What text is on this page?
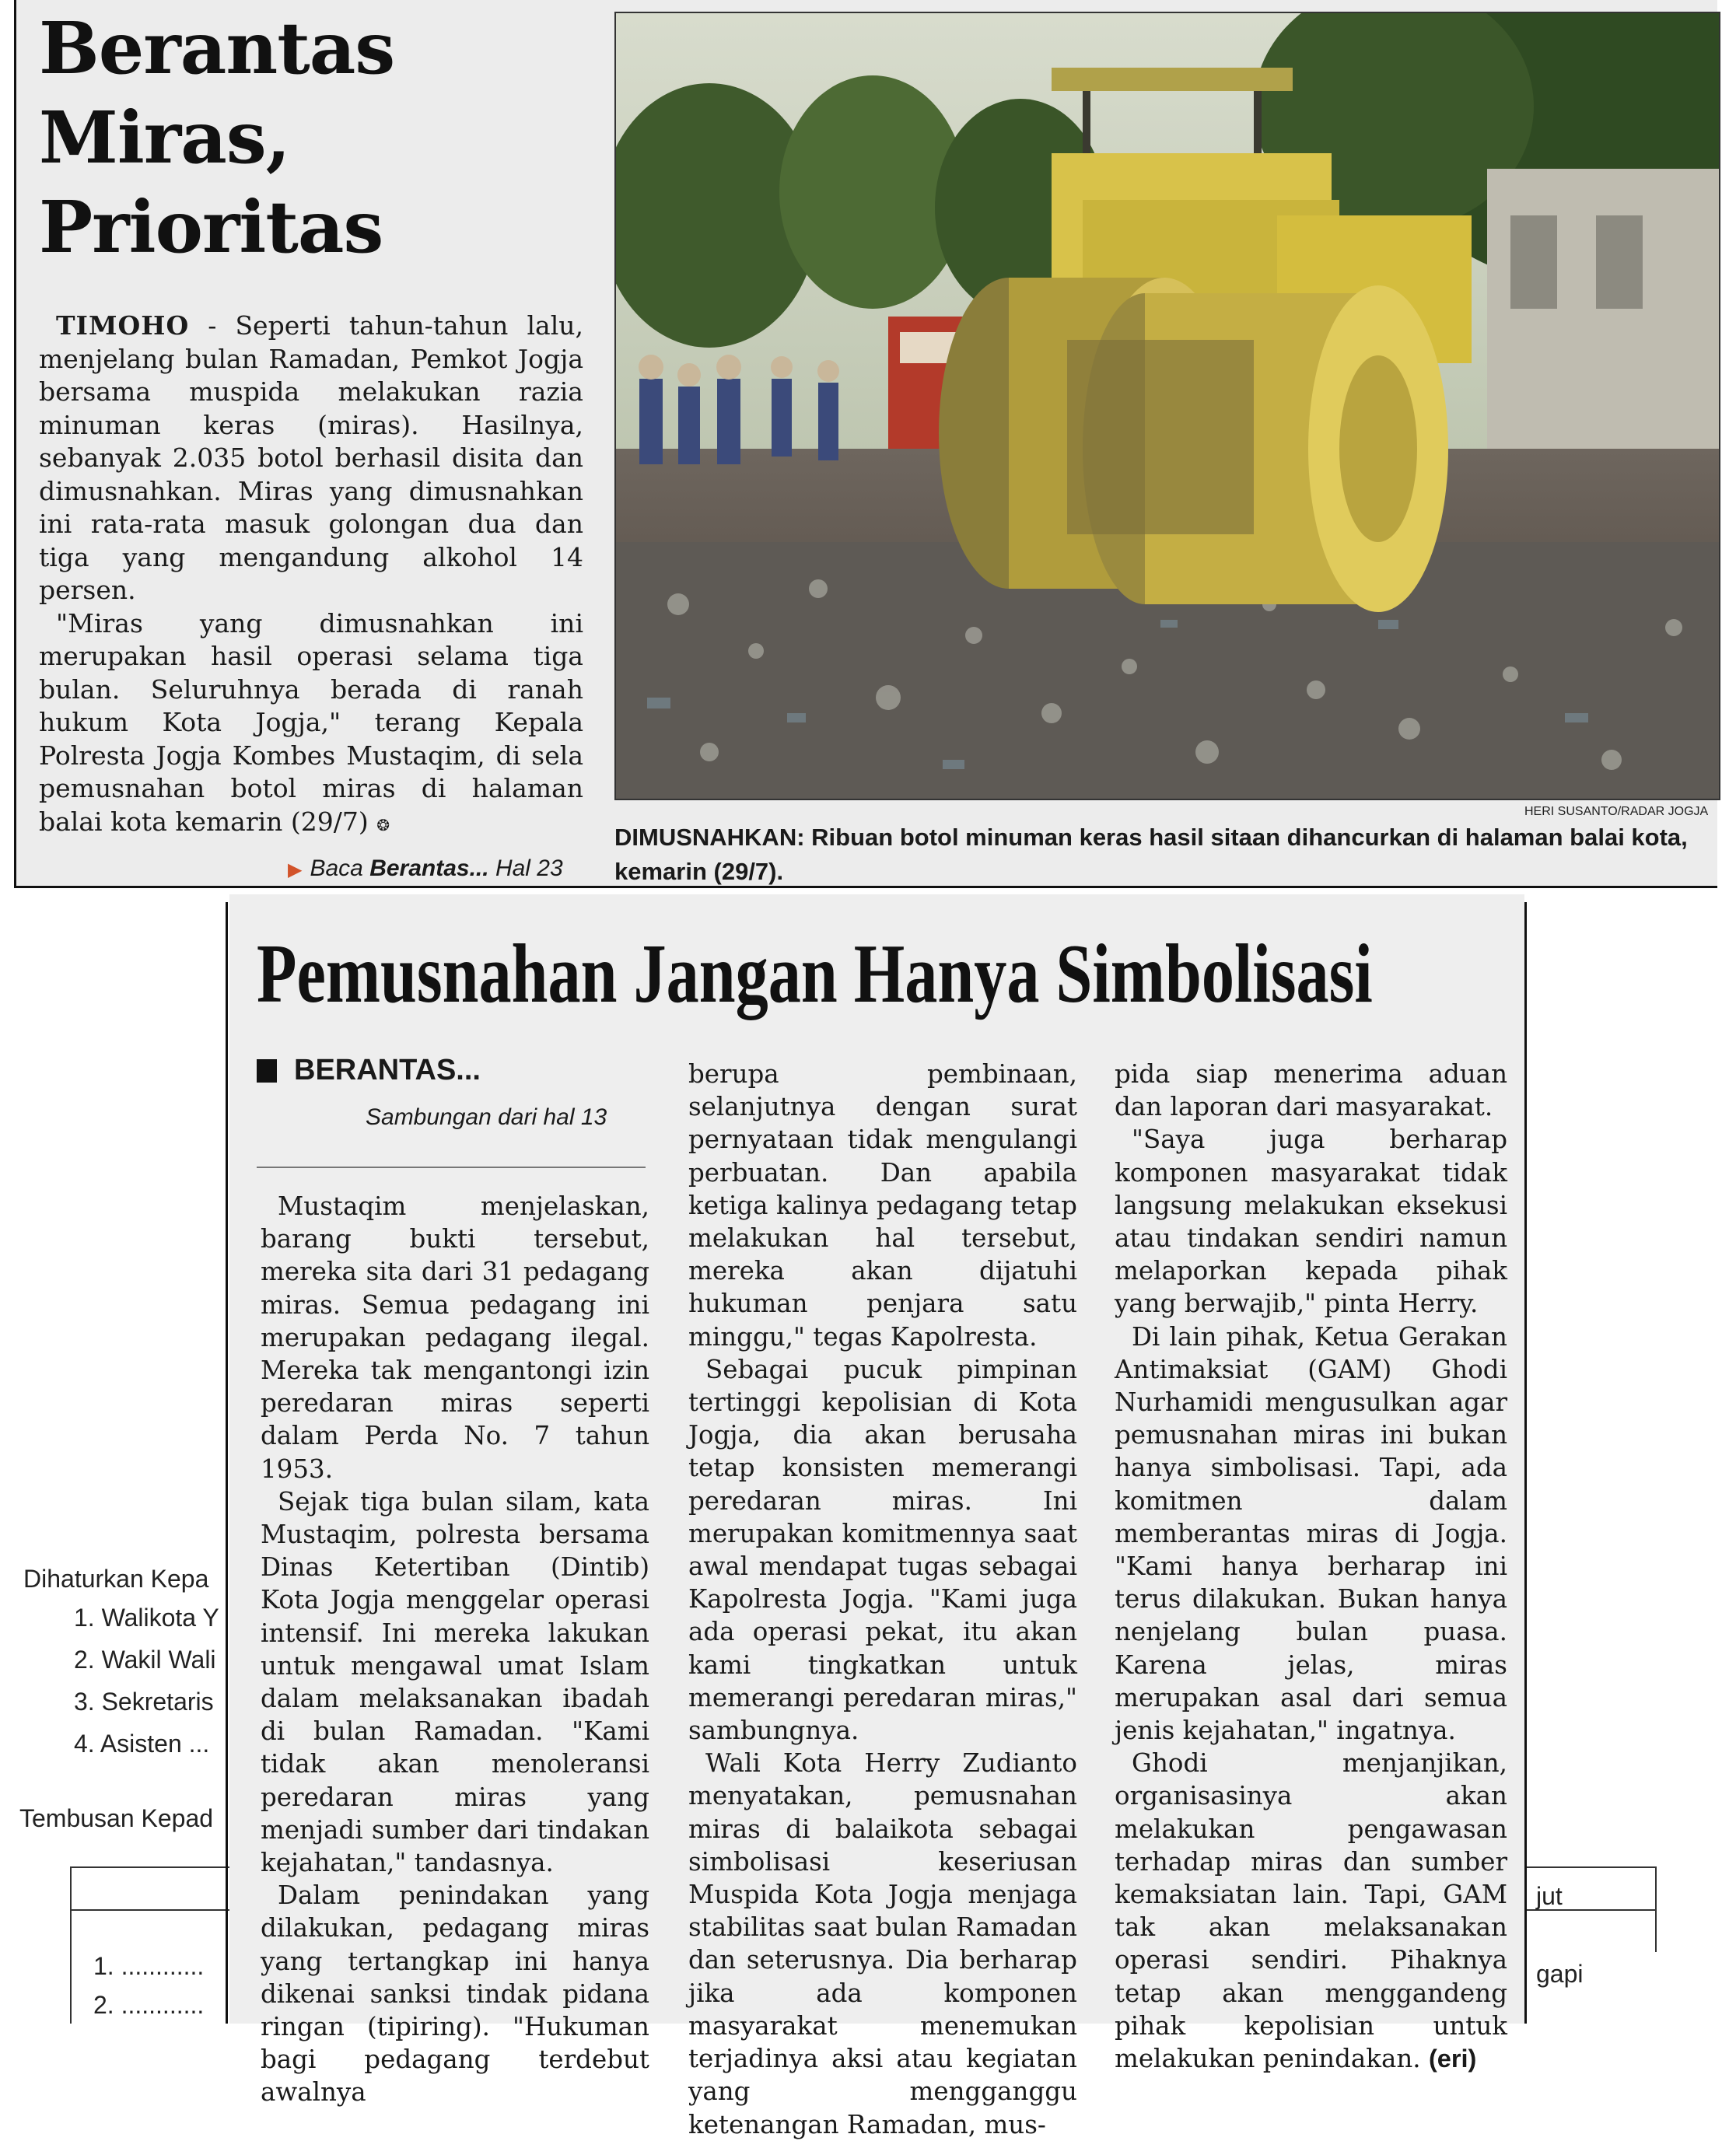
Berantas Miras, Prioritas

TIMOHO - Seperti tahun-tahun lalu, menjelang bulan Ramadan, Pemkot Jogja bersama muspida melakukan razia minuman keras (miras). Hasilnya, sebanyak 2.035 botol berhasil disita dan dimusnahkan. Miras yang dimusnahkan ini rata-rata masuk golongan dua dan tiga yang mengandung alkohol 14 persen.

"Miras yang dimusnahkan ini merupakan hasil operasi selama tiga bulan. Seluruhnya berada di ranah hukum Kota Jogja," terang Kepala Polresta Jogja Kombes Mustaqim, di sela pemusnahan botol miras di halaman balai kota kemarin (29/7) ❂

▶ Baca Berantas... Hal 23
HERI SUSANTO/RADAR JOGJA
DIMUSNAHKAN: Ribuan botol minuman keras hasil sitaan dihancurkan di halaman balai kota, kemarin (29/7).
Dihaturkan Kepa
1. Walikota Y
2. Wakil Wali
3. Sekretaris
4. Asisten ...
Tembusan Kepad
1. ............
2. ............
jut
gapi
Pemusnahan Jangan Hanya Simbolisasi
BERANTAS...
Sambungan dari hal 13

Mustaqim menjelaskan, barang bukti tersebut, mereka sita dari 31 pedagang miras. Semua pedagang ini merupakan pedagang ilegal. Mereka tak mengantongi izin peredaran miras seperti dalam Perda No. 7 tahun 1953.

Sejak tiga bulan silam, kata Mustaqim, polresta bersama Dinas Ketertiban (Dintib) Kota Jogja menggelar operasi intensif. Ini mereka lakukan untuk mengawal umat Islam dalam melaksanakan ibadah di bulan Ramadan. "Kami tidak akan menoleransi peredaran miras yang menjadi sumber dari tindakan kejahatan," tandasnya.

Dalam penindakan yang dilakukan, pedagang miras yang tertangkap ini hanya dikenai sanksi tindak pidana ringan (tipiring). "Hukuman bagi pedagang terdebut awalnya

berupa pembinaan, selanjutnya dengan surat pernyataan tidak mengulangi perbuatan. Dan apabila ketiga kalinya pedagang tetap melakukan hal tersebut, mereka akan dijatuhi hukuman penjara satu minggu," tegas Kapolresta.

Sebagai pucuk pimpinan tertinggi kepolisian di Kota Jogja, dia akan berusaha tetap konsisten memerangi peredaran miras. Ini merupakan komitmennya saat awal mendapat tugas sebagai Kapolresta Jogja. "Kami juga ada operasi pekat, itu akan kami tingkatkan untuk memerangi peredaran miras," sambungnya.

Wali Kota Herry Zudianto menyatakan, pemusnahan miras di balaikota sebagai simbolisasi keseriusan Muspida Kota Jogja menjaga stabilitas saat bulan Ramadan dan seterusnya. Dia berharap jika ada komponen masyarakat menemukan terjadinya aksi atau kegiatan yang mengganggu ketenangan Ramadan, mus-

pida siap menerima aduan dan laporan dari masyarakat.

"Saya juga berharap komponen masyarakat tidak langsung melakukan eksekusi atau tindakan sendiri namun melaporkan kepada pihak yang berwajib," pinta Herry.

Di lain pihak, Ketua Gerakan Antimaksiat (GAM) Ghodi Nurhamidi mengusulkan agar pemusnahan miras ini bukan hanya simbolisasi. Tapi, ada komitmen dalam memberantas miras di Jogja. "Kami hanya berharap ini terus dilakukan. Bukan hanya nenjelang bulan puasa. Karena jelas, miras merupakan asal dari semua jenis kejahatan," ingatnya.

Ghodi menjanjikan, organisasinya akan melakukan pengawasan terhadap miras dan sumber kemaksiatan lain. Tapi, GAM tak akan melaksanakan operasi sendiri. Pihaknya tetap akan menggandeng pihak kepolisian untuk melakukan penindakan. (eri)
